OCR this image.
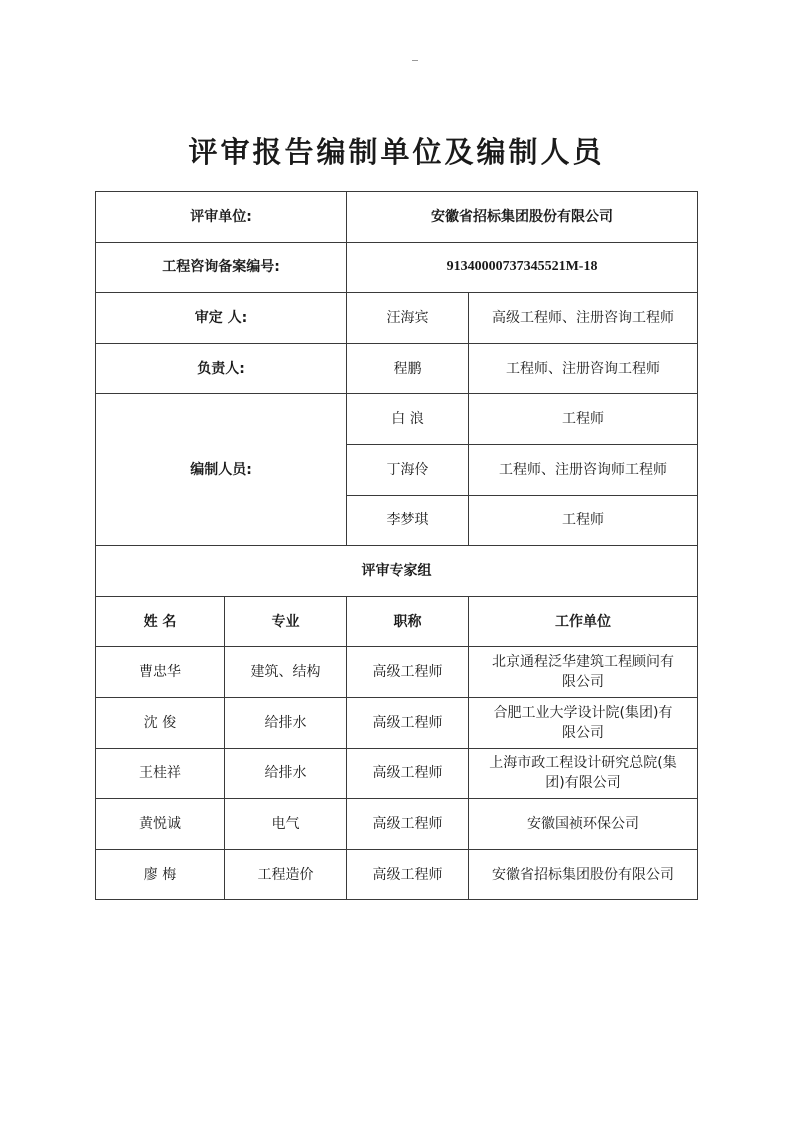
评审报告编制单位及编制人员
评审单位:		安徽省招标集团股份有限公司	
工程咨询备案编号:		91340000737345521M-18	
审定 人:		汪海宾	高级工程师、注册咨询工程师
负责人:		程鹏	工程师、注册咨询工程师
编制人员:		白 浪	工程师
		丁海伶	工程师、注册咨询师工程师
		李梦琪	工程师
评审专家组			
姓 名	专业	职称	工作单位
曹忠华	建筑、结构	高级工程师	北京通程泛华建筑工程顾问有
限公司

沈 俊	给排水	高级工程师	合肥工业大学设计院(集团)有
限公司

王桂祥	给排水	高级工程师	上海市政工程设计研究总院(集
团)有限公司

黄悦诚	电气	高级工程师	安徽国祯环保公司
廖 梅	工程造价	高级工程师	安徽省招标集团股份有限公司
